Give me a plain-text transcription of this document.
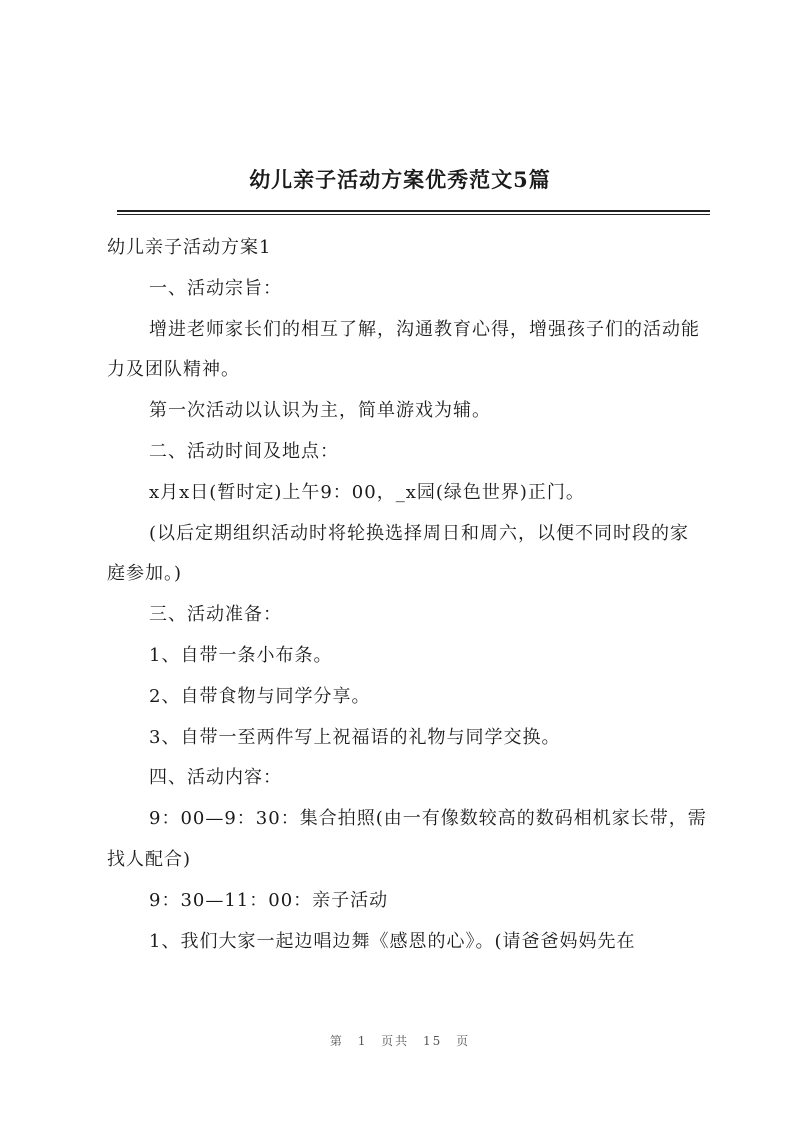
幼儿亲子活动方案优秀范文5篇

幼儿亲子活动方案1

一、活动宗旨：

增进老师家长们的相互了解，沟通教育心得，增强孩子们的活动能力及团队精神。

第一次活动以认识为主，简单游戏为辅。

二、活动时间及地点：

x月x日(暂时定)上午9：00，_x园(绿色世界)正门。

(以后定期组织活动时将轮换选择周日和周六，以便不同时段的家庭参加。)

三、活动准备：

1、自带一条小布条。

2、自带食物与同学分享。

3、自带一至两件写上祝福语的礼物与同学交换。

四、活动内容：

9：00—9：30：集合拍照(由一有像数较高的数码相机家长带，需找人配合)

9：30—11：00：亲子活动

1、我们大家一起边唱边舞《感恩的心》。(请爸爸妈妈先在

第 1 页共 15 页
